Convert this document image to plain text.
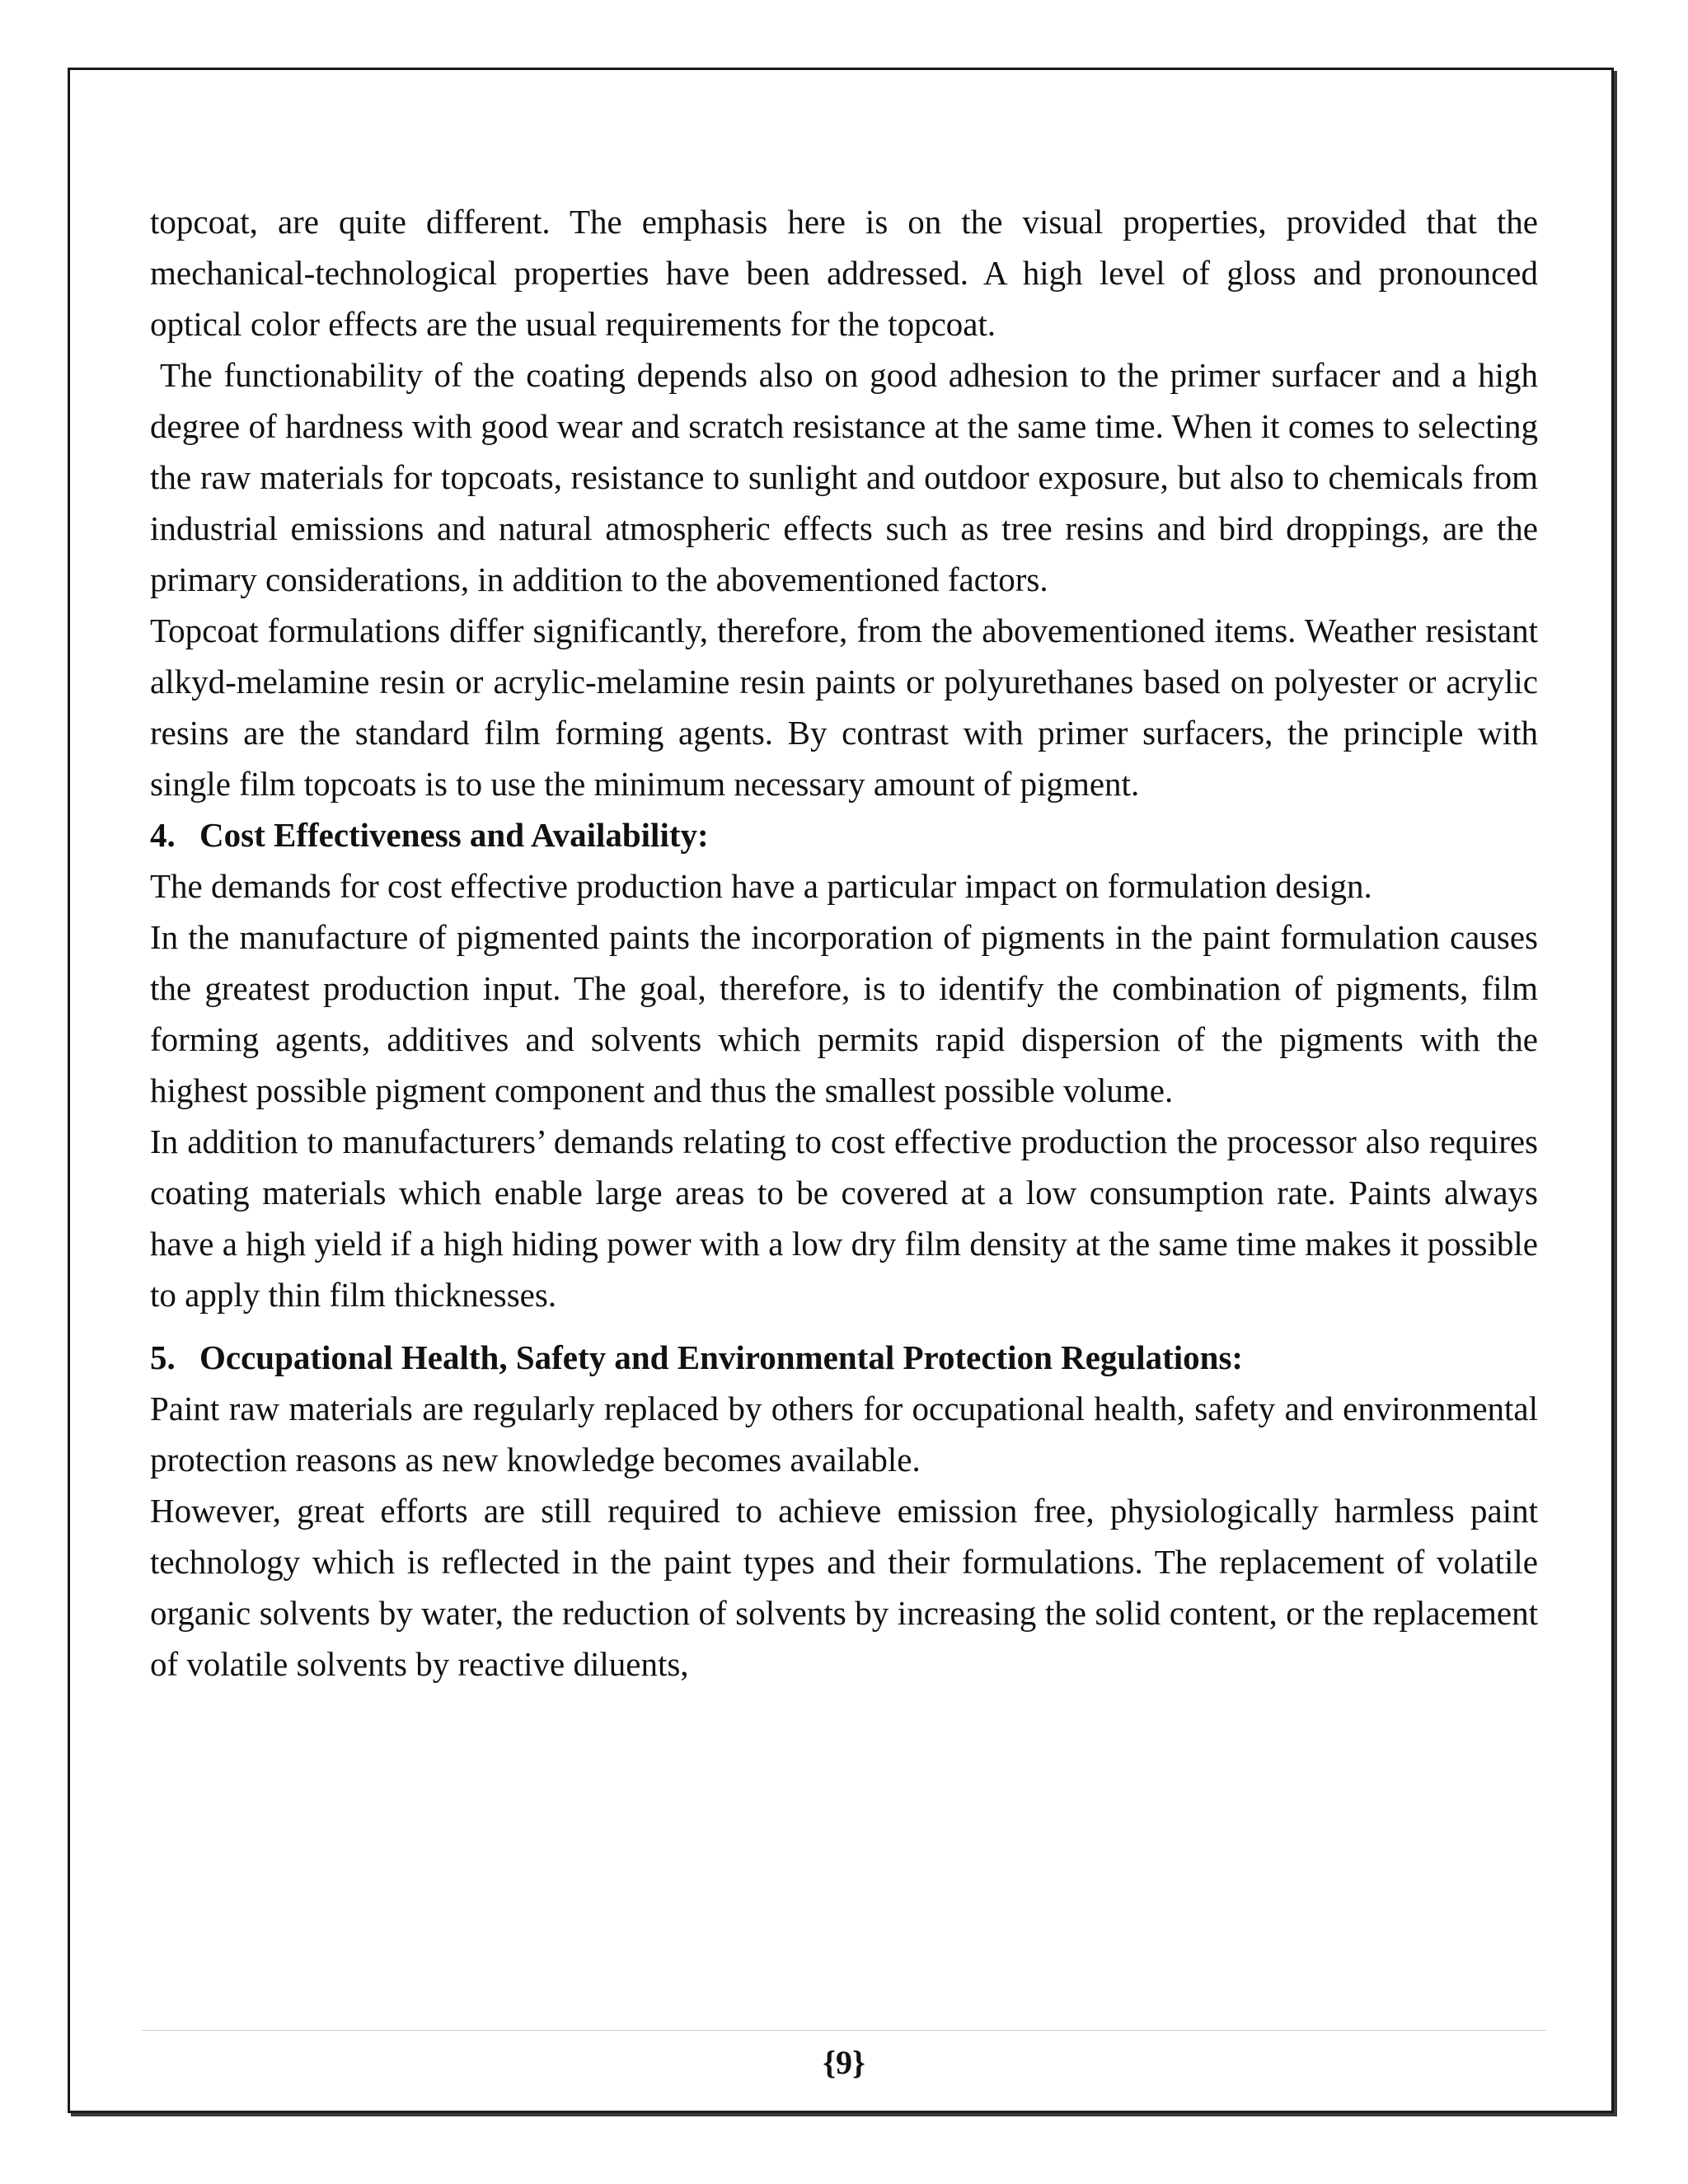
topcoat, are quite different. The emphasis here is on the visual properties, provided that the mechanical-technological properties have been addressed. A high level of gloss and pronounced optical color effects are the usual requirements for the topcoat.

The functionability of the coating depends also on good adhesion to the primer surfacer and a high degree of hardness with good wear and scratch resistance at the same time. When it comes to selecting the raw materials for topcoats, resistance to sunlight and outdoor exposure, but also to chemicals from industrial emissions and natural atmospheric effects such as tree resins and bird droppings, are the primary considerations, in addition to the abovementioned factors.

Topcoat formulations differ significantly, therefore, from the abovementioned items. Weather resistant alkyd-melamine resin or acrylic-melamine resin paints or polyurethanes based on polyester or acrylic resins are the standard film forming agents. By contrast with primer surfacers, the principle with single film topcoats is to use the minimum necessary amount of pigment.

4. Cost Effectiveness and Availability:

The demands for cost effective production have a particular impact on formulation design.

In the manufacture of pigmented paints the incorporation of pigments in the paint formulation causes the greatest production input. The goal, therefore, is to identify the combination of pigments, film forming agents, additives and solvents which permits rapid dispersion of the pigments with the highest possible pigment component and thus the smallest possible volume.

In addition to manufacturers’ demands relating to cost effective production the processor also requires coating materials which enable large areas to be covered at a low consumption rate. Paints always have a high yield if a high hiding power with a low dry film density at the same time makes it possible to apply thin film thicknesses.

5. Occupational Health, Safety and Environmental Protection Regulations:

Paint raw materials are regularly replaced by others for occupational health, safety and environmental protection reasons as new knowledge becomes available.

However, great efforts are still required to achieve emission free, physiologically harmless paint technology which is reflected in the paint types and their formulations. The replacement of volatile organic solvents by water, the reduction of solvents by increasing the solid content, or the replacement of volatile solvents by reactive diluents,

{9}
